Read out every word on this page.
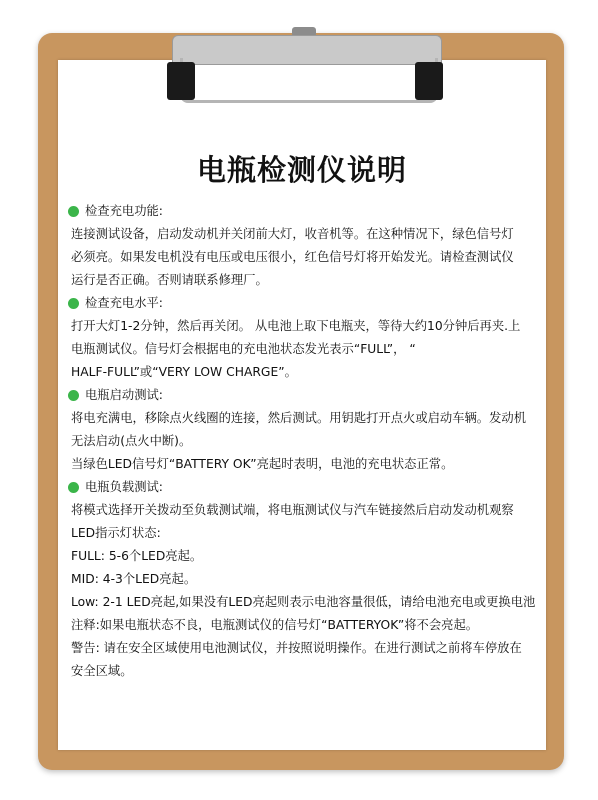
电瓶检测仪说明
检查充电功能:
连接测试设备，启动发动机并关闭前大灯，收音机等。在这种情况下，绿色信号灯
必须亮。如果发电机没有电压或电压很小，红色信号灯将开始发光。请检查测试仪
运行是否正确。否则请联系修理厂。
检查充电水平:
打开大灯1-2分钟，然后再关闭。 从电池上取下电瓶夹，等待大约10分钟后再夹.上
电瓶测试仪。信号灯会根据电的充电池状态发光表示“FULL”， “
HALF-FULL”或“VERY LOW CHARGE”。
电瓶启动测试:
将电充满电，移除点火线圈的连接，然后测试。用钥匙打开点火或启动车辆。发动机
无法启动(点火中断)。
当绿色LED信号灯“BATTERY OK”亮起时表明，电池的充电状态正常。
电瓶负载测试:
将模式选择开关拨动至负载测试端，将电瓶测试仪与汽车链接然后启动发动机观察
LED指示灯状态:
FULL: 5-6个LED亮起。
MID: 4-3个LED亮起。
Low: 2-1 LED亮起,如果没有LED亮起则表示电池容量很低，请给电池充电或更换电池
注释:如果电瓶状态不良，电瓶测试仪的信号灯“BATTERYOK”将不会亮起。
警告: 请在安全区域使用电池测试仪，并按照说明操作。在进行测试之前将车停放在
安全区域。
